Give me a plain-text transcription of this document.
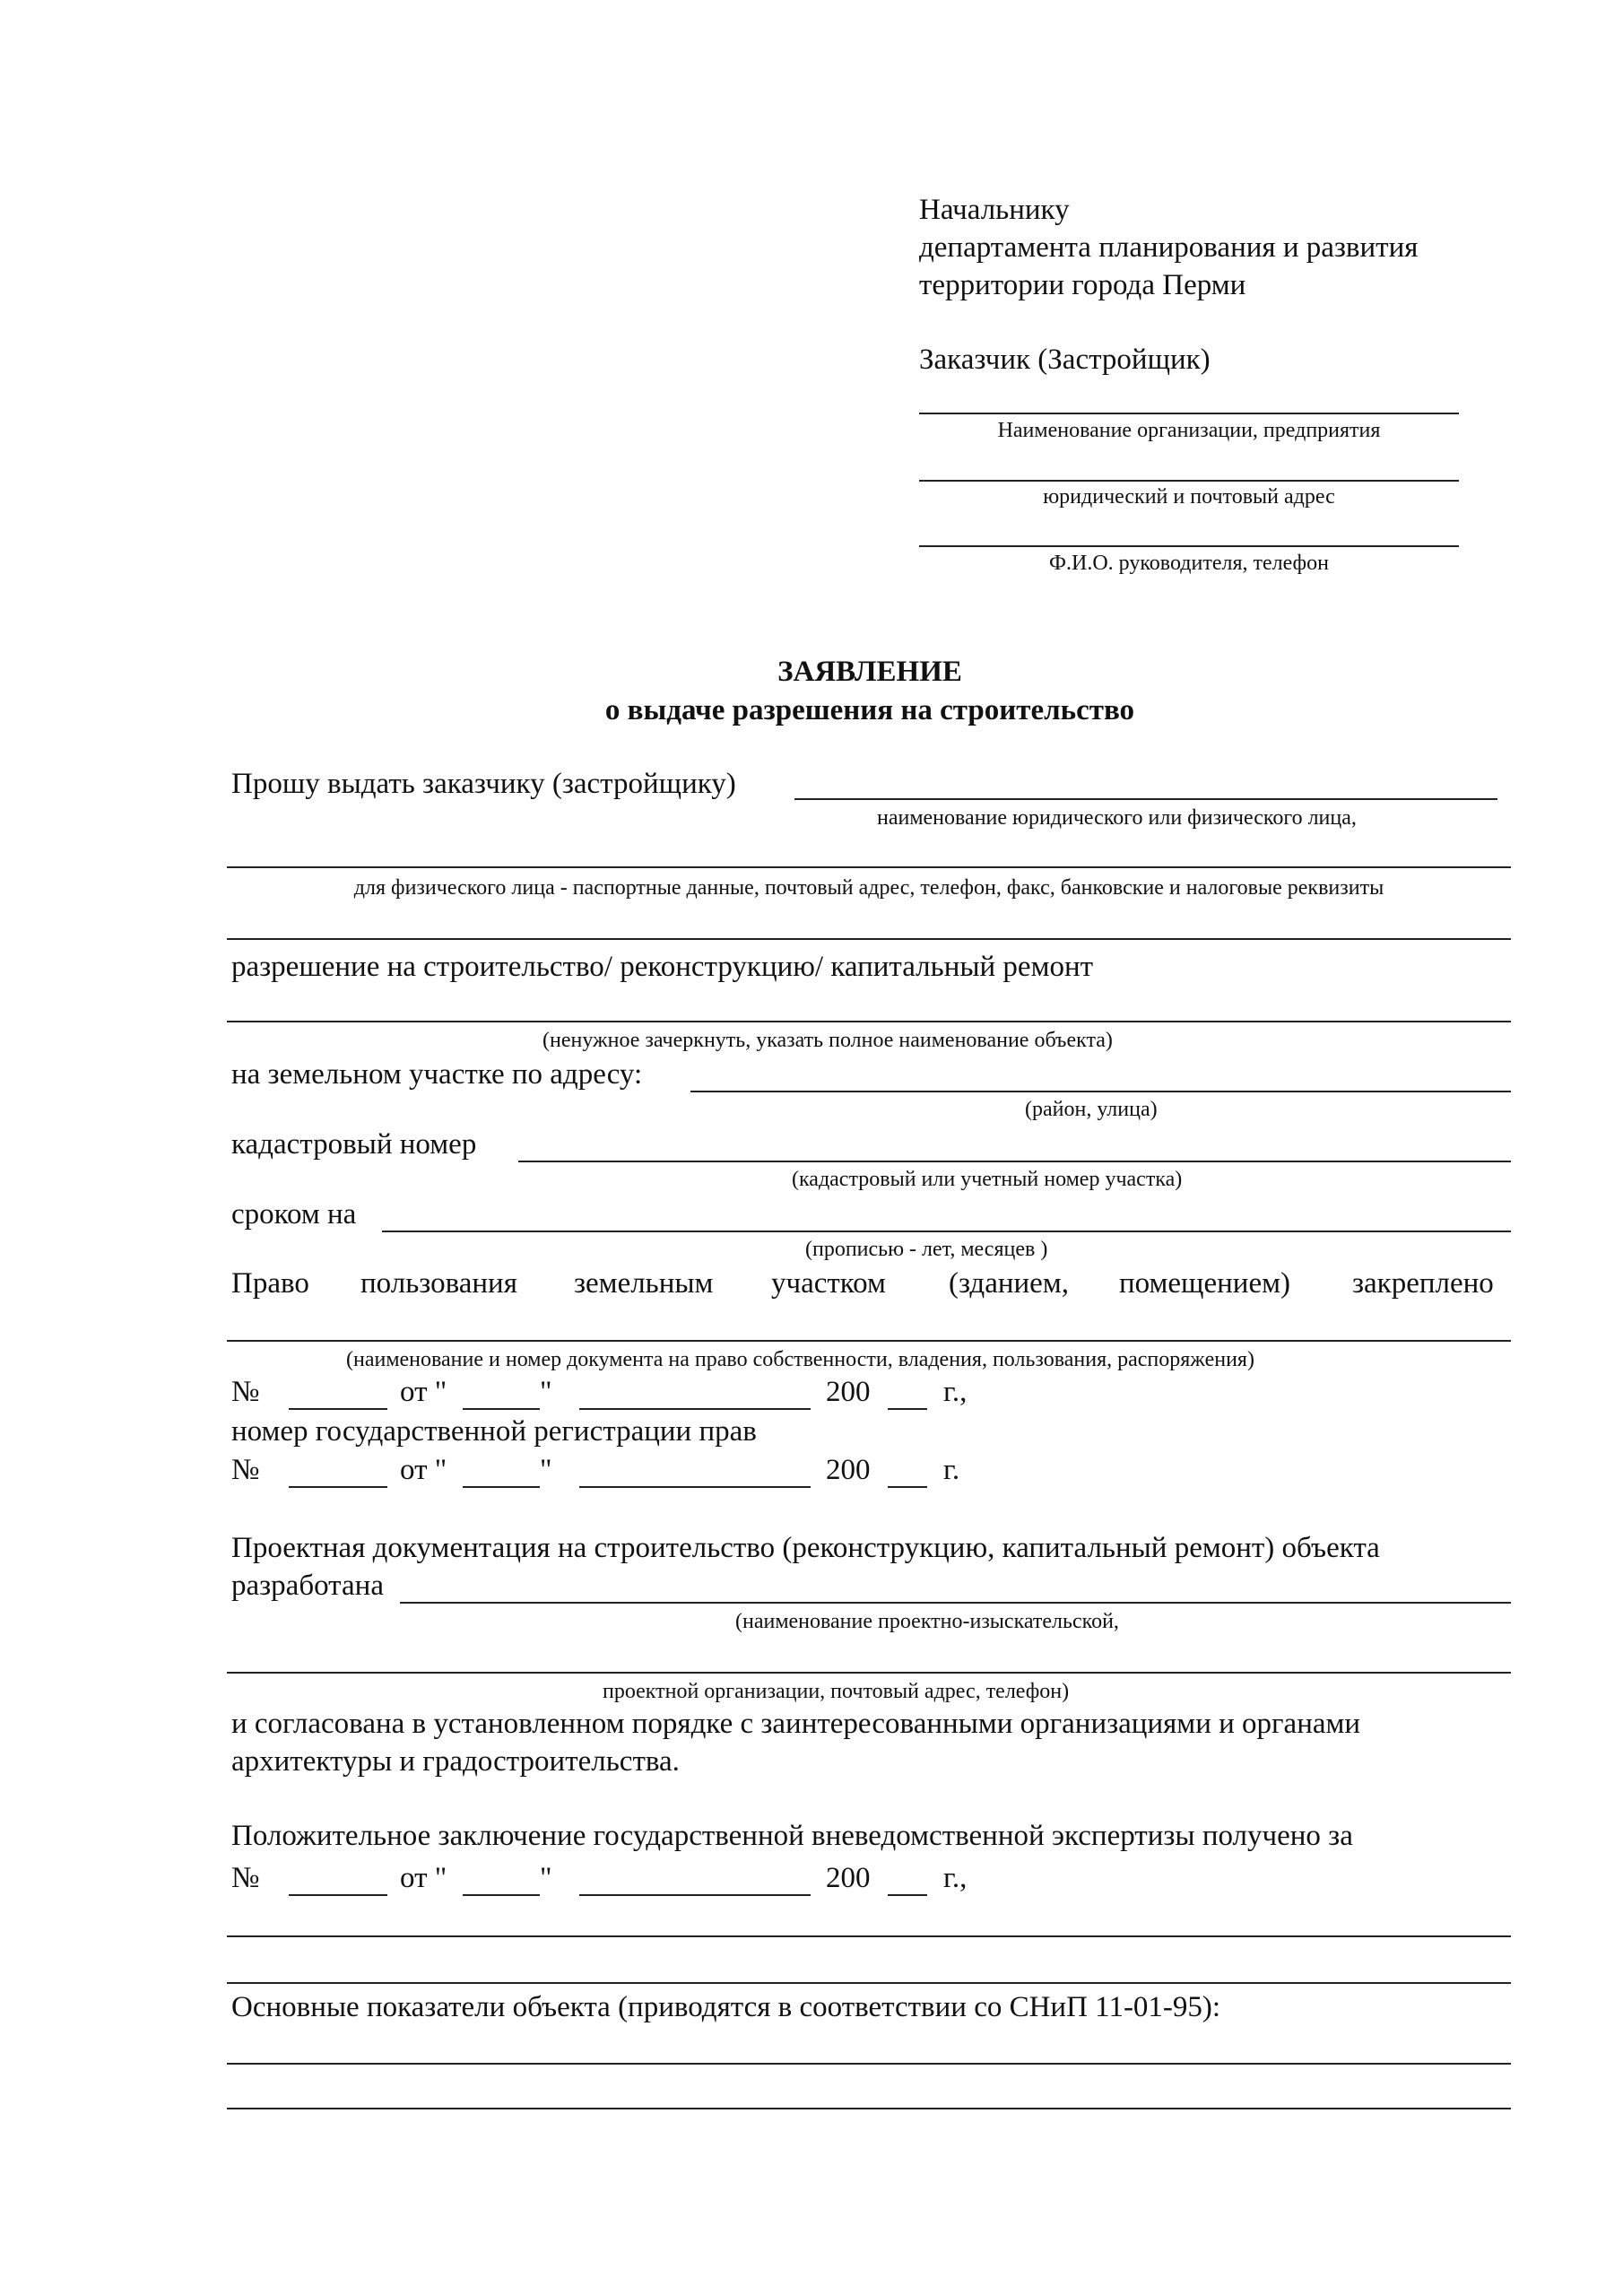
Начальнику
департамента планирования и развития
территории города Перми
Заказчик (Застройщик)
Наименование организации, предприятия
юридический и почтовый адрес
Ф.И.О. руководителя, телефон
ЗАЯВЛЕНИЕ
о выдаче разрешения на строительство
Прошу выдать заказчику (застройщику)
наименование юридического или физического лица,
для физического лица - паспортные данные, почтовый адрес, телефон, факс, банковские и налоговые реквизиты
разрешение на строительство/ реконструкцию/ капитальный ремонт
(ненужное зачеркнуть, указать полное наименование объекта)
на земельном участке по адресу:
(район, улица)
кадастровый номер
(кадастровый или учетный номер участка)
сроком на
(прописью - лет, месяцев )
Право пользования земельным участком (зданием, помещением) закреплено
(наименование и номер документа на право собственности, владения, пользования, распоряжения)
№	от "	"	200 г.,
номер государственной регистрации прав
№	от "	"	200 г.
Проектная документация на строительство (реконструкцию, капитальный ремонт) объекта
разработана
(наименование проектно-изыскательской,
проектной организации, почтовый адрес, телефон)
и согласована в установленном порядке с заинтересованными организациями и органами
архитектуры и градостроительства.
Положительное заключение государственной вневедомственной экспертизы получено за
№	от "	"	200 г.,
Основные показатели объекта (приводятся в соответствии со СНиП 11-01-95):
